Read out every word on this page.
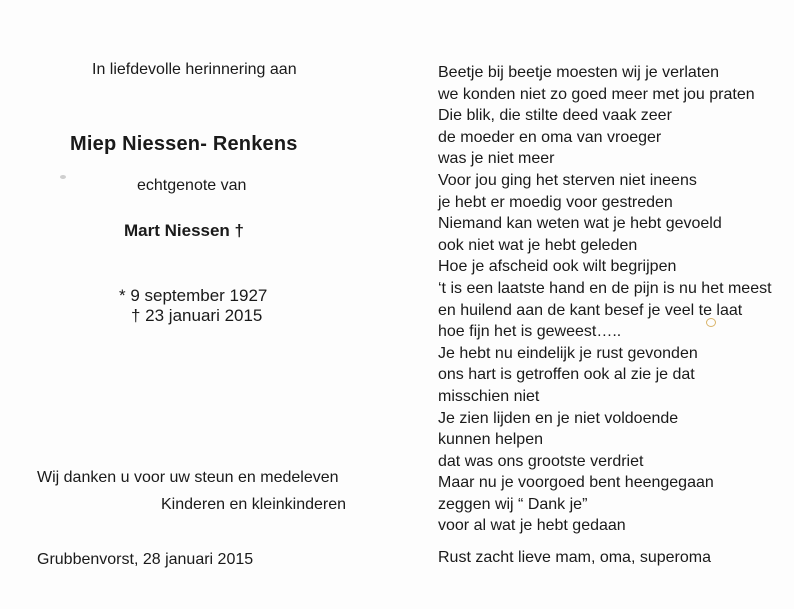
In liefdevolle herinnering aan
Miep Niessen- Renkens
echtgenote van
Mart Niessen †
* 9 september 1927
† 23 januari 2015
Wij danken u voor uw steun en medeleven
Kinderen en kleinkinderen
Grubbenvorst, 28 januari 2015
Beetje bij beetje moesten wij je verlaten
we konden niet zo goed meer met jou praten
Die blik, die stilte deed vaak zeer
de moeder en oma van vroeger
was je niet meer
Voor jou ging het sterven niet ineens
je hebt er moedig voor gestreden
Niemand kan weten wat je hebt gevoeld
ook niet wat je hebt geleden
Hoe je afscheid ook wilt begrijpen
‘t is een laatste hand en de pijn is nu het meest
en huilend aan de kant besef je veel te laat
hoe fijn het is geweest…..
Je hebt nu eindelijk je rust gevonden
ons hart is getroffen ook al zie je dat
misschien niet
Je zien lijden en je niet voldoende
kunnen helpen
dat was ons grootste verdriet
Maar nu je voorgoed bent heengegaan
zeggen wij “ Dank je”
voor al wat je hebt gedaan
Rust zacht lieve mam, oma, superoma
